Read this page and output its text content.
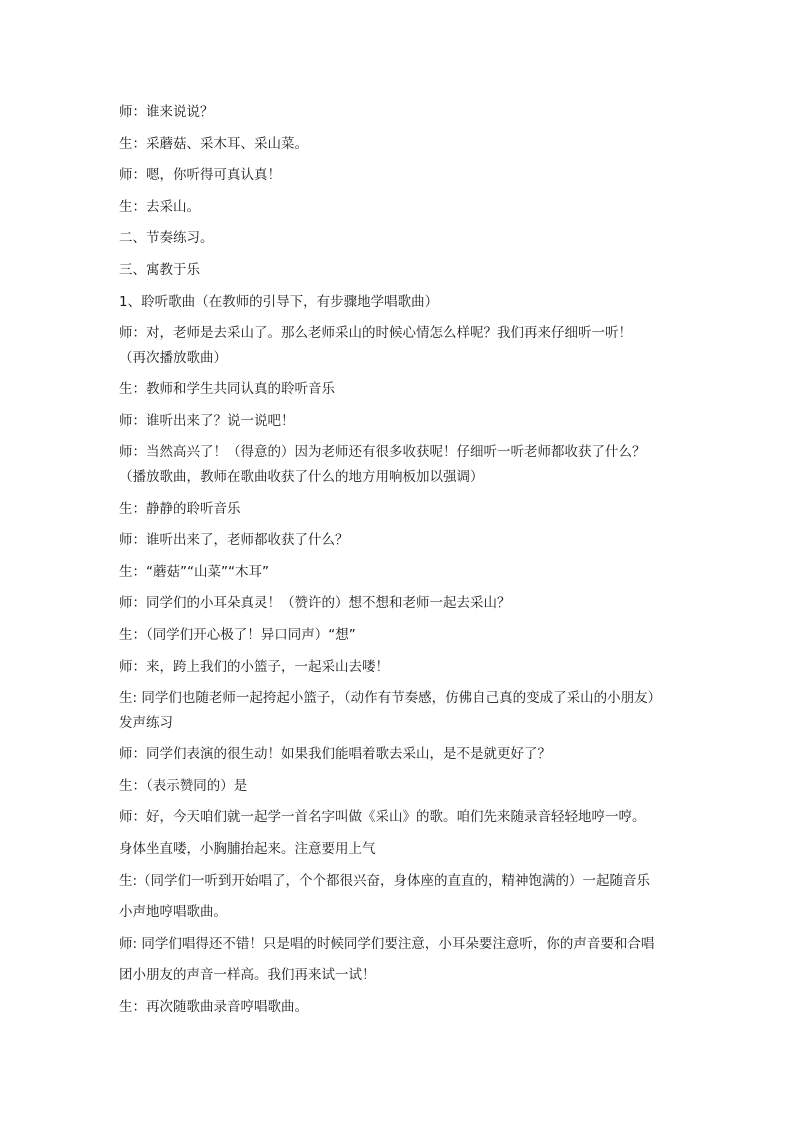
师：谁来说说？
生：采蘑菇、采木耳、采山菜。
师：嗯，你听得可真认真！
生：去采山。
二、节奏练习。
三、寓教于乐
1、聆听歌曲（在教师的引导下，有步骤地学唱歌曲）
师：对，老师是去采山了。那么老师采山的时候心情怎么样呢？我们再来仔细听一听！
（再次播放歌曲）
生：教师和学生共同认真的聆听音乐
师：谁听出来了？说一说吧！
师：当然高兴了！（得意的）因为老师还有很多收获呢！仔细听一听老师都收获了什么？
（播放歌曲，教师在歌曲收获了什么的地方用响板加以强调）
生：静静的聆听音乐
师：谁听出来了，老师都收获了什么？
生：“蘑菇”“山菜”“木耳”
师：同学们的小耳朵真灵！（赞许的）想不想和老师一起去采山？
生：（同学们开心极了！异口同声）“想”
师：来，跨上我们的小篮子，一起采山去喽！
生: 同学们也随老师一起挎起小篮子，（动作有节奏感，仿佛自己真的变成了采山的小朋友）
发声练习
师：同学们表演的很生动！如果我们能唱着歌去采山，是不是就更好了？
生：（表示赞同的）是
师：好，今天咱们就一起学一首名字叫做《采山》的歌。咱们先来随录音轻轻地哼一哼。
身体坐直喽，小胸脯抬起来。注意要用上气
生:（同学们一听到开始唱了，个个都很兴奋，身体座的直直的，精神饱满的）一起随音乐
小声地哼唱歌曲。
师: 同学们唱得还不错！只是唱的时候同学们要注意，小耳朵要注意听，你的声音要和合唱
团小朋友的声音一样高。我们再来试一试！
生：再次随歌曲录音哼唱歌曲。
